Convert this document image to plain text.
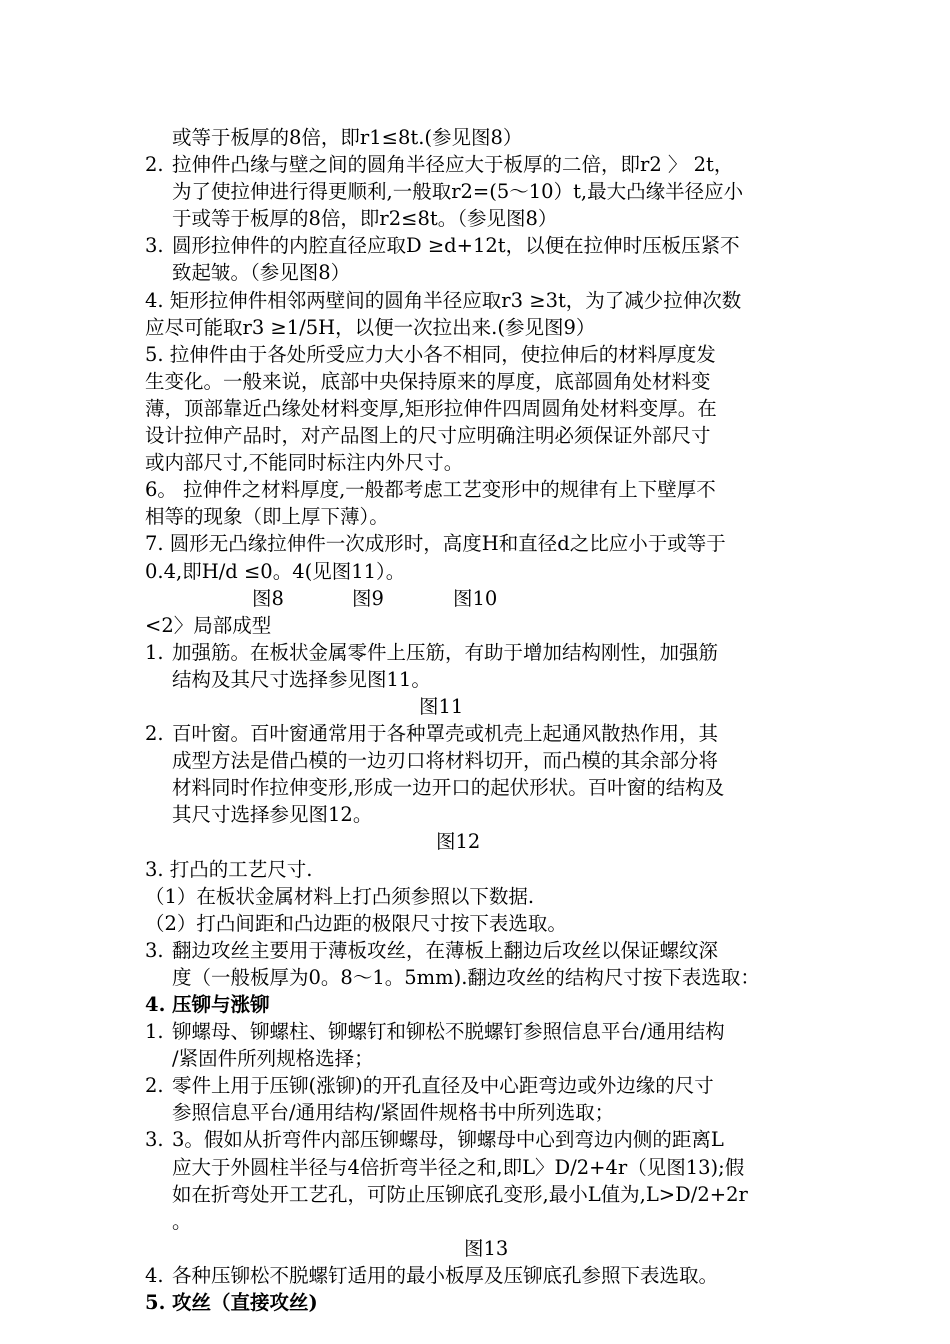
或等于板厚的8倍，即r1≤8t.(参见图8）
2. 拉伸件凸缘与壁之间的圆角半径应大于板厚的二倍，即r2 〉 2t，
为了使拉伸进行得更顺利,一般取r2=(5～10）t,最大凸缘半径应小
于或等于板厚的8倍，即r2≤8t。（参见图8）
3. 圆形拉伸件的内腔直径应取D ≥d+12t，以便在拉伸时压板压紧不
致起皱。（参见图8）
4. 矩形拉伸件相邻两壁间的圆角半径应取r3 ≥3t，为了减少拉伸次数
应尽可能取r3 ≥1/5H，以便一次拉出来.(参见图9）
5. 拉伸件由于各处所受应力大小各不相同，使拉伸后的材料厚度发
生变化。一般来说，底部中央保持原来的厚度，底部圆角处材料变
薄，顶部靠近凸缘处材料变厚,矩形拉伸件四周圆角处材料变厚。在
设计拉伸产品时，对产品图上的尺寸应明确注明必须保证外部尺寸
或内部尺寸,不能同时标注内外尺寸。
6。 拉伸件之材料厚度,一般都考虑工艺变形中的规律有上下壁厚不
相等的现象（即上厚下薄）。
7. 圆形无凸缘拉伸件一次成形时，高度H和直径d之比应小于或等于
0.4,即H/d ≤0。4(见图11）。
图8	图9	图10
<2〉局部成型
1. 加强筋。在板状金属零件上压筋，有助于增加结构刚性，加强筋
结构及其尺寸选择参见图11。
图11
2. 百叶窗。百叶窗通常用于各种罩壳或机壳上起通风散热作用，其
成型方法是借凸模的一边刃口将材料切开，而凸模的其余部分将
材料同时作拉伸变形,形成一边开口的起伏形状。百叶窗的结构及
其尺寸选择参见图12。
图12
3. 打凸的工艺尺寸.
（1）在板状金属材料上打凸须参照以下数据.
（2）打凸间距和凸边距的极限尺寸按下表选取。
3. 翻边攻丝主要用于薄板攻丝，在薄板上翻边后攻丝以保证螺纹深
度（一般板厚为0。8～1。5mm).翻边攻丝的结构尺寸按下表选取：
4. 压铆与涨铆
1. 铆螺母、铆螺柱、铆螺钉和铆松不脱螺钉参照信息平台/通用结构
/紧固件所列规格选择；
2. 零件上用于压铆(涨铆)的开孔直径及中心距弯边或外边缘的尺寸
参照信息平台/通用结构/紧固件规格书中所列选取；
3. 3。假如从折弯件内部压铆螺母，铆螺母中心到弯边内侧的距离L
应大于外圆柱半径与4倍折弯半径之和,即L〉D/2+4r（见图13);假
如在折弯处开工艺孔，可防止压铆底孔变形,最小L值为,L>D/2+2r
。
图13
4. 各种压铆松不脱螺钉适用的最小板厚及压铆底孔参照下表选取。
5. 攻丝（直接攻丝)
